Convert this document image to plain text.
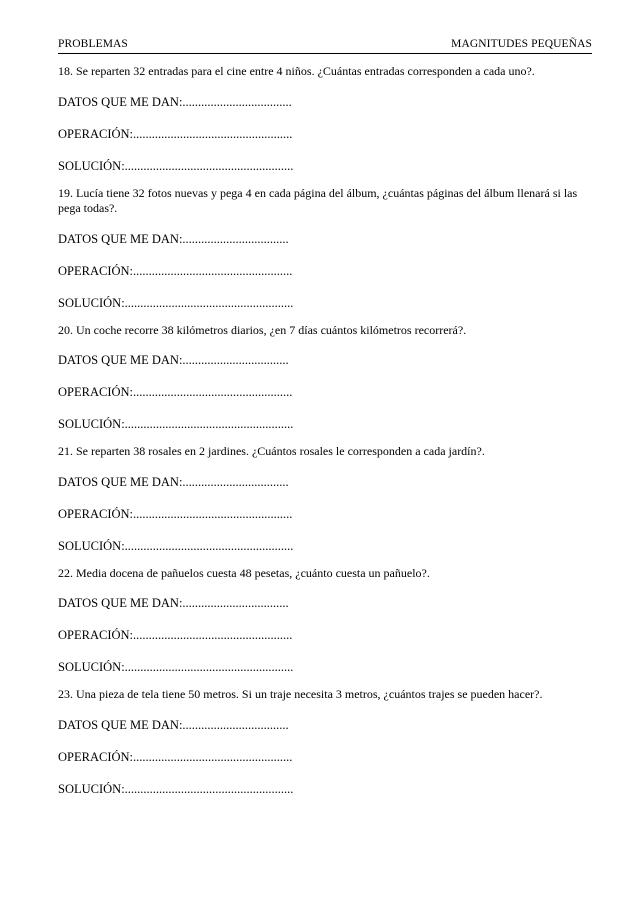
PROBLEMAS	MAGNITUDES PEQUEÑAS
18. Se reparten 32 entradas para el cine entre 4 niños. ¿Cuántas entradas corresponden a cada uno?.
DATOS QUE ME DAN:...................................
OPERACIÓN:...................................................
SOLUCIÓN:......................................................
19. Lucía tiene 32 fotos nuevas y pega 4 en cada página del álbum, ¿cuántas páginas del álbum llenará si las pega todas?.
DATOS QUE ME DAN:..................................
OPERACIÓN:...................................................
SOLUCIÓN:......................................................
20. Un coche recorre 38 kilómetros diarios, ¿en 7 días cuántos kilómetros recorrerá?.
DATOS QUE ME DAN:..................................
OPERACIÓN:...................................................
SOLUCIÓN:......................................................
21. Se reparten 38 rosales en 2 jardines. ¿Cuántos rosales le corresponden a cada jardín?.
DATOS QUE ME DAN:..................................
OPERACIÓN:...................................................
SOLUCIÓN:......................................................
22. Media docena de pañuelos cuesta 48 pesetas, ¿cuánto cuesta un pañuelo?.
DATOS QUE ME DAN:..................................
OPERACIÓN:...................................................
SOLUCIÓN:......................................................
23. Una pieza de tela tiene 50 metros. Si un traje necesita 3 metros, ¿cuántos trajes se pueden hacer?.
DATOS QUE ME DAN:..................................
OPERACIÓN:...................................................
SOLUCIÓN:......................................................
